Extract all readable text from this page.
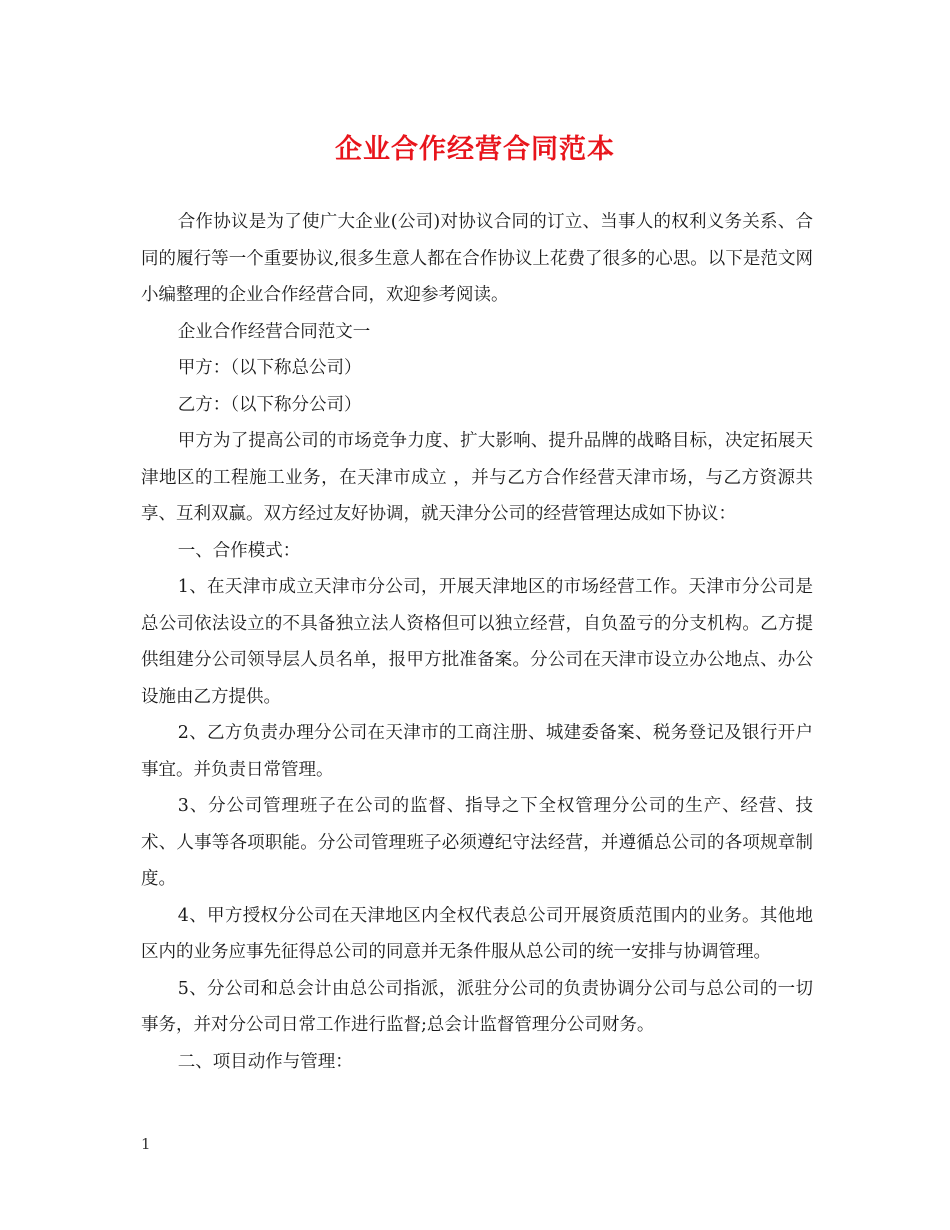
企业合作经营合同范本

合作协议是为了使广大企业(公司)对协议合同的订立、当事人的权利义务关系、合同的履行等一个重要协议,很多生意人都在合作协议上花费了很多的心思。以下是范文网小编整理的企业合作经营合同，欢迎参考阅读。

企业合作经营合同范文一

甲方：（以下称总公司）

乙方：（以下称分公司）

甲方为了提高公司的市场竞争力度、扩大影响、提升品牌的战略目标，决定拓展天津地区的工程施工业务，在天津市成立 ，并与乙方合作经营天津市场，与乙方资源共享、互利双赢。双方经过友好协调，就天津分公司的经营管理达成如下协议：

一、合作模式：

1、在天津市成立天津市分公司，开展天津地区的市场经营工作。天津市分公司是总公司依法设立的不具备独立法人资格但可以独立经营，自负盈亏的分支机构。乙方提供组建分公司领导层人员名单，报甲方批准备案。分公司在天津市设立办公地点、办公设施由乙方提供。

2、乙方负责办理分公司在天津市的工商注册、城建委备案、税务登记及银行开户事宜。并负责日常管理。

3、分公司管理班子在公司的监督、指导之下全权管理分公司的生产、经营、技术、人事等各项职能。分公司管理班子必须遵纪守法经营，并遵循总公司的各项规章制度。

4、甲方授权分公司在天津地区内全权代表总公司开展资质范围内的业务。其他地区内的业务应事先征得总公司的同意并无条件服从总公司的统一安排与协调管理。

5、分公司和总会计由总公司指派，派驻分公司的负责协调分公司与总公司的一切事务，并对分公司日常工作进行监督;总会计监督管理分公司财务。

二、项目动作与管理：

1
